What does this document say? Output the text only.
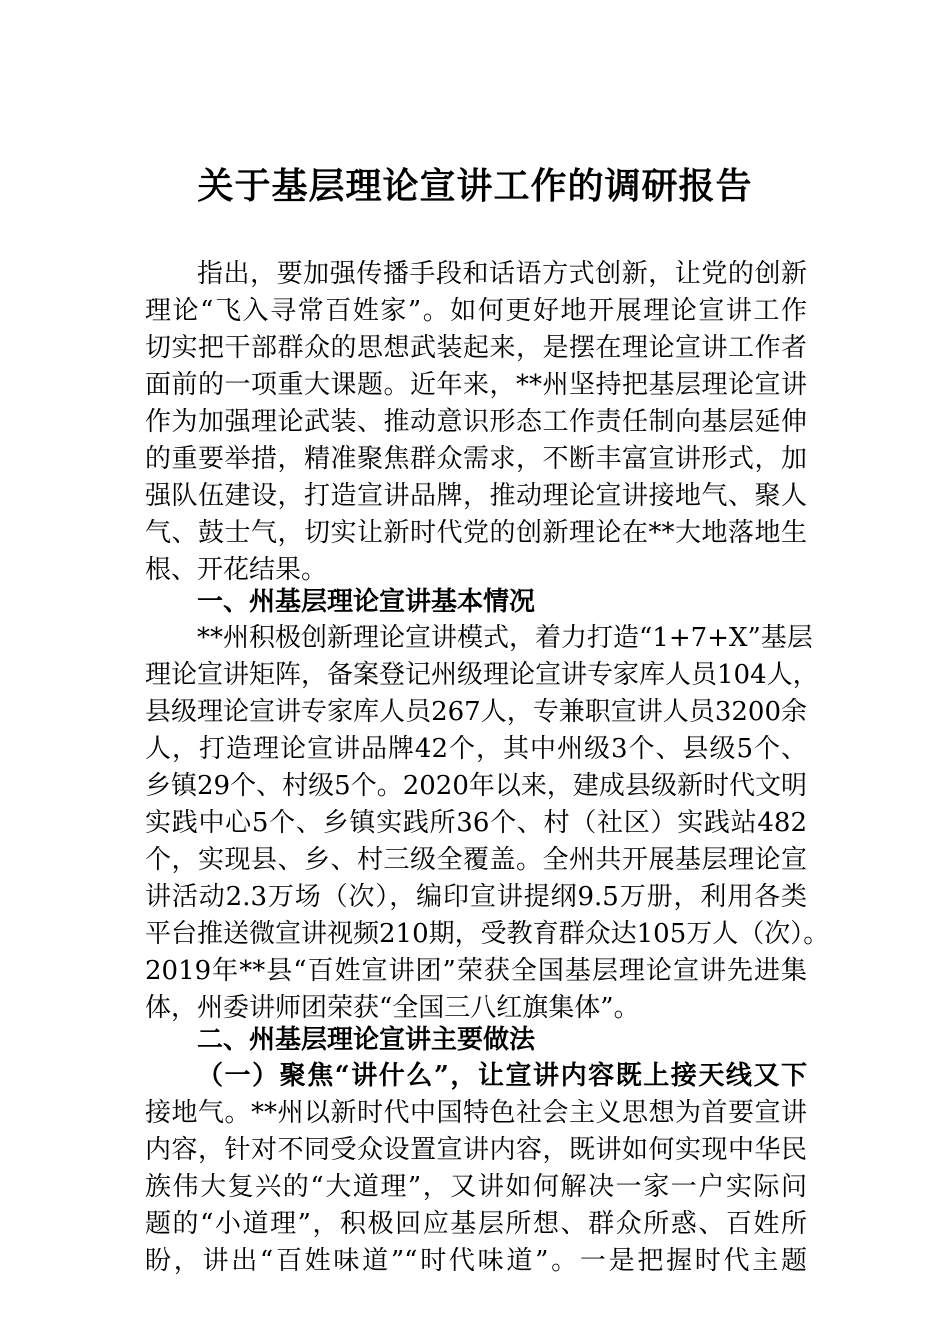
关于基层理论宣讲工作的调研报告
指出，要加强传播手段和话语方式创新，让党的创新
理论“飞入寻常百姓家”。如何更好地开展理论宣讲工作
切实把干部群众的思想武装起来，是摆在理论宣讲工作者
面前的一项重大课题。近年来，**州坚持把基层理论宣讲
作为加强理论武装、推动意识形态工作责任制向基层延伸
的重要举措，精准聚焦群众需求，不断丰富宣讲形式，加
强队伍建设，打造宣讲品牌，推动理论宣讲接地气、聚人
气、鼓士气，切实让新时代党的创新理论在**大地落地生
根、开花结果。
一、州基层理论宣讲基本情况
**州积极创新理论宣讲模式，着力打造“1+7+X”基层
理论宣讲矩阵，备案登记州级理论宣讲专家库人员104人，
县级理论宣讲专家库人员267人，专兼职宣讲人员3200余
人，打造理论宣讲品牌42个，其中州级3个、县级5个、
乡镇29个、村级5个。2020年以来，建成县级新时代文明
实践中心5个、乡镇实践所36个、村（社区）实践站482
个，实现县、乡、村三级全覆盖。全州共开展基层理论宣
讲活动2.3万场（次），编印宣讲提纲9.5万册，利用各类
平台推送微宣讲视频210期，受教育群众达105万人（次）。
2019年**县“百姓宣讲团”荣获全国基层理论宣讲先进集
体，州委讲师团荣获“全国三八红旗集体”。
二、州基层理论宣讲主要做法
（一）聚焦“讲什么”，让宣讲内容既上接天线又下
接地气。**州以新时代中国特色社会主义思想为首要宣讲
内容，针对不同受众设置宣讲内容，既讲如何实现中华民
族伟大复兴的“大道理”，又讲如何解决一家一户实际问
题的“小道理”，积极回应基层所想、群众所惑、百姓所
盼，讲出“百姓味道”“时代味道”。一是把握时代主题
